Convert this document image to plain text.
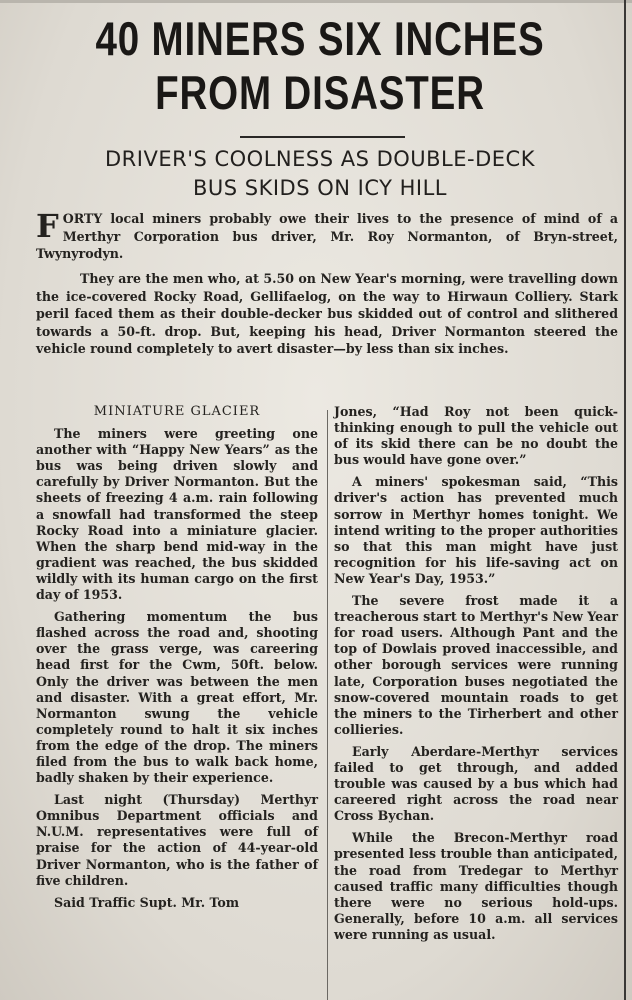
40 MINERS SIX INCHES
FROM DISASTER
DRIVER'S COOLNESS AS DOUBLE-DECK
BUS SKIDS ON ICY HILL

FORTY local miners probably owe their lives to the presence of mind of a Merthyr Corporation bus driver, Mr. Roy Normanton, of Bryn-street, Twynyrodyn.

They are the men who, at 5.50 on New Year's morning, were travelling down the ice-covered Rocky Road, Gellifaelog, on the way to Hirwaun Colliery. Stark peril faced them as their double-decker bus skidded out of control and slithered towards a 50-ft. drop. But, keeping his head, Driver Normanton steered the vehicle round completely to avert disaster—by less than six inches.

MINIATURE GLACIER

The miners were greeting one another with “Happy New Years” as the bus was being driven slowly and carefully by Driver Normanton. But the sheets of freezing 4 a.m. rain following a snowfall had transformed the steep Rocky Road into a miniature glacier. When the sharp bend mid-way in the gradient was reached, the bus skidded wildly with its human cargo on the first day of 1953.

Gathering momentum the bus flashed across the road and, shooting over the grass verge, was careering head first for the Cwm, 50ft. below. Only the driver was between the men and disaster. With a great effort, Mr. Normanton swung the vehicle completely round to halt it six inches from the edge of the drop. The miners filed from the bus to walk back home, badly shaken by their experience.

Last night (Thursday) Merthyr Omnibus Department officials and N.U.M. representatives were full of praise for the action of 44-year-old Driver Normanton, who is the father of five children.

Said Traffic Supt. Mr. Tom

Jones, “Had Roy not been quick-thinking enough to pull the vehicle out of its skid there can be no doubt the bus would have gone over.”

A miners' spokesman said, “This driver's action has prevented much sorrow in Merthyr homes tonight. We intend writing to the proper authorities so that this man might have just recognition for his life-saving act on New Year's Day, 1953.”

The severe frost made it a treacherous start to Merthyr's New Year for road users. Although Pant and the top of Dowlais proved inaccessible, and other borough services were running late, Corporation buses negotiated the snow-covered mountain roads to get the miners to the Tirherbert and other collieries.

Early Aberdare-Merthyr services failed to get through, and added trouble was caused by a bus which had careered right across the road near Cross Bychan.

While the Brecon-Merthyr road presented less trouble than anticipated, the road from Tredegar to Merthyr caused traffic many difficulties though there were no serious hold-ups. Generally, before 10 a.m. all services were running as usual.
